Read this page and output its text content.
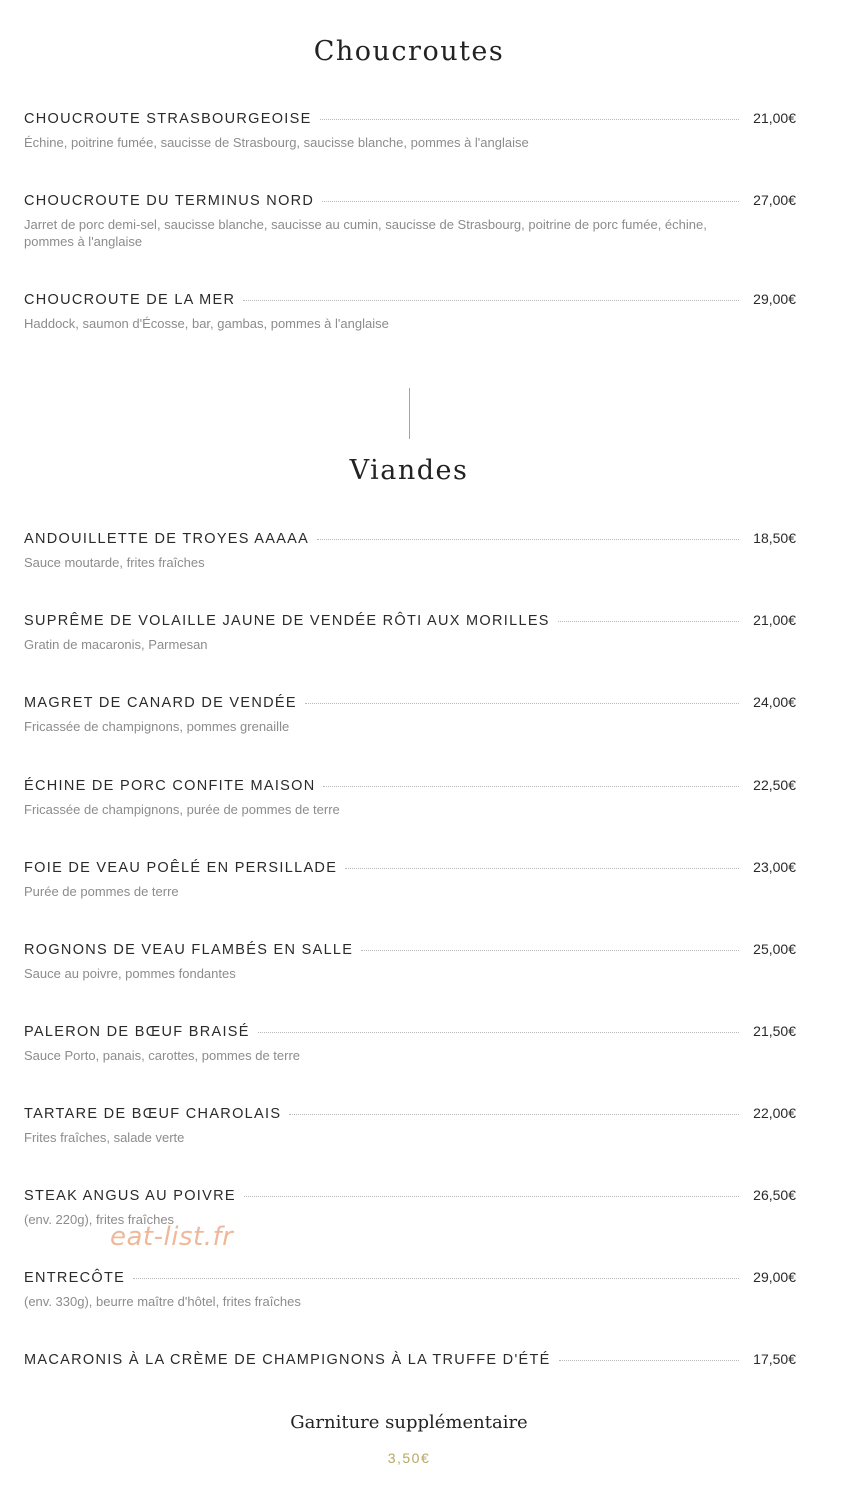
Choucroutes
CHOUCROUTE STRASBOURGEOISE	21,00€
Échine, poitrine fumée, saucisse de Strasbourg, saucisse blanche, pommes à l'anglaise
CHOUCROUTE DU TERMINUS NORD	27,00€
Jarret de porc demi-sel, saucisse blanche, saucisse au cumin, saucisse de Strasbourg, poitrine de porc fumée, échine, pommes à l'anglaise
CHOUCROUTE DE LA MER	29,00€
Haddock, saumon d'Écosse, bar, gambas, pommes à l'anglaise
Viandes
ANDOUILLETTE DE TROYES AAAAA	18,50€
Sauce moutarde, frites fraîches
SUPRÊME DE VOLAILLE JAUNE DE VENDÉE RÔTI AUX MORILLES	21,00€
Gratin de macaronis, Parmesan
MAGRET DE CANARD DE VENDÉE	24,00€
Fricassée de champignons, pommes grenaille
ÉCHINE DE PORC CONFITE MAISON	22,50€
Fricassée de champignons, purée de pommes de terre
FOIE DE VEAU POÊLÉ EN PERSILLADE	23,00€
Purée de pommes de terre
ROGNONS DE VEAU FLAMBÉS EN SALLE	25,00€
Sauce au poivre, pommes fondantes
PALERON DE BŒUF BRAISÉ	21,50€
Sauce Porto, panais, carottes, pommes de terre
TARTARE DE BŒUF CHAROLAIS	22,00€
Frites fraîches, salade verte
STEAK ANGUS AU POIVRE	26,50€
(env. 220g), frites fraîches
ENTRECÔTE	29,00€
(env. 330g), beurre maître d'hôtel, frites fraîches
MACARONIS À LA CRÈME DE CHAMPIGNONS À LA TRUFFE D'ÉTÉ	17,50€
eat-list.fr
Garniture supplémentaire
3,50€
